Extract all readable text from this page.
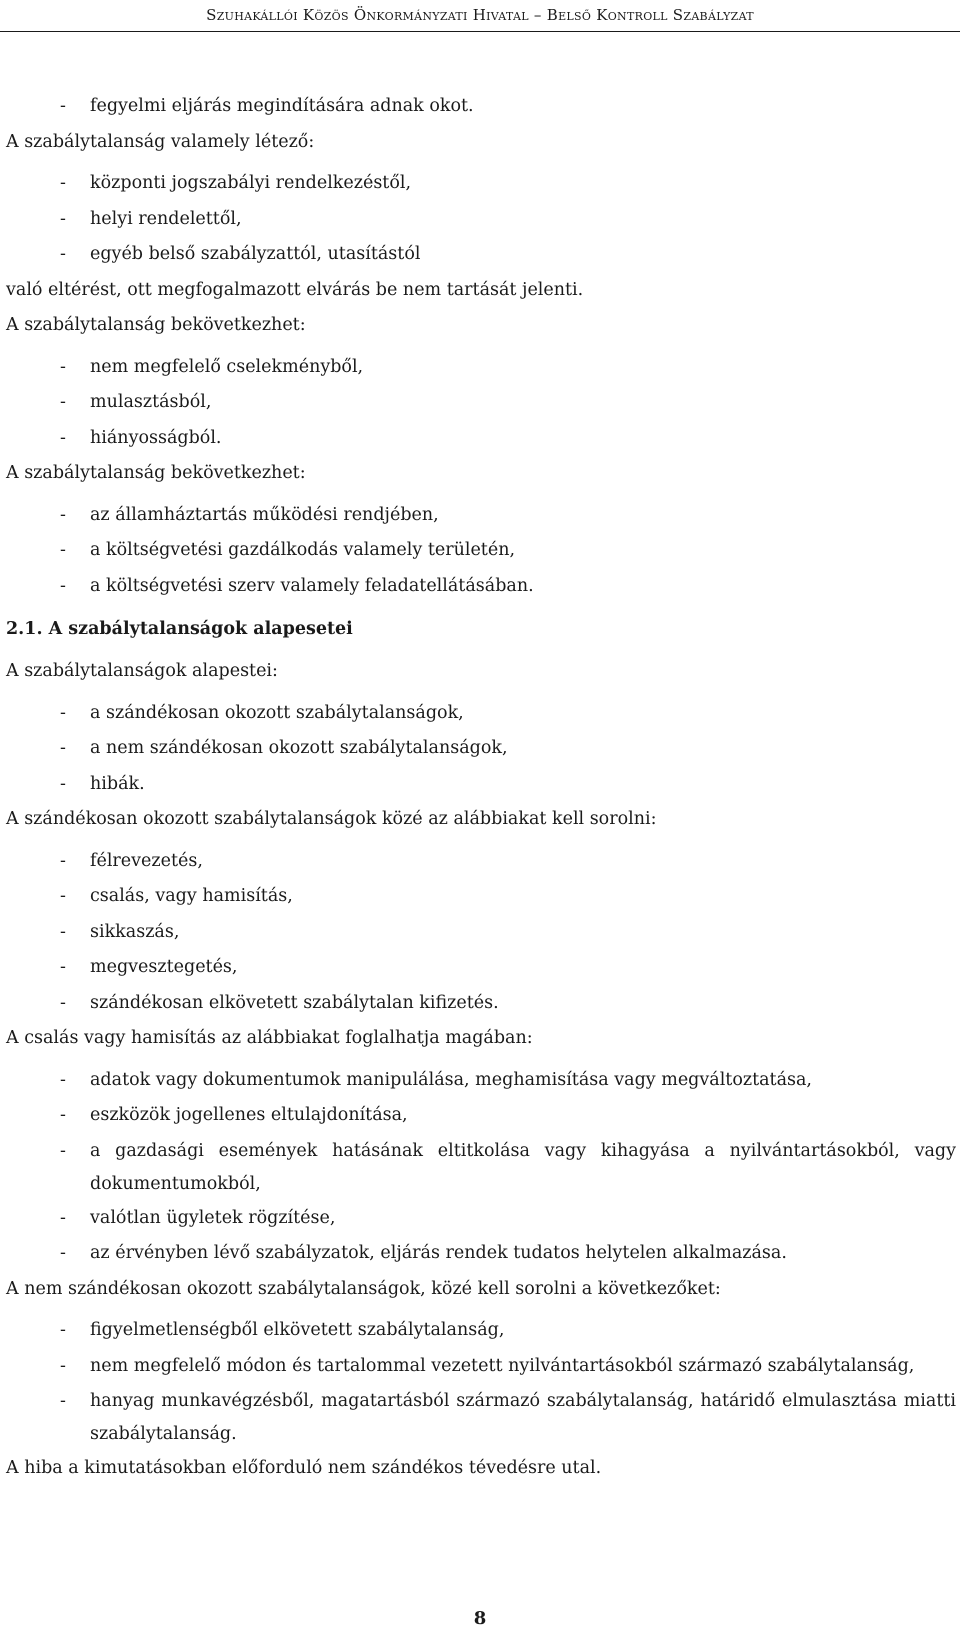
Szuhakállói Közös Önkormányzati Hivatal – Belső Kontroll Szabályzat
-	fegyelmi eljárás megindítására adnak okot.
A szabálytalanság valamely létező:
-	központi jogszabályi rendelkezéstől,
-	helyi rendelettől,
-	egyéb belső szabályzattól, utasítástól
való eltérést, ott megfogalmazott elvárás be nem tartását jelenti.
A szabálytalanság bekövetkezhet:
-	nem megfelelő cselekményből,
-	mulasztásból,
-	hiányosságból.
A szabálytalanság bekövetkezhet:
-	az államháztartás működési rendjében,
-	a költségvetési gazdálkodás valamely területén,
-	a költségvetési szerv valamely feladatellátásában.
2.1. A szabálytalanságok alapesetei
A szabálytalanságok alapestei:
-	a szándékosan okozott szabálytalanságok,
-	a nem szándékosan okozott szabálytalanságok,
-	hibák.
A szándékosan okozott szabálytalanságok közé az alábbiakat kell sorolni:
-	félrevezetés,
-	csalás, vagy hamisítás,
-	sikkaszás,
-	megvesztegetés,
-	szándékosan elkövetett szabálytalan kifizetés.
A csalás vagy hamisítás az alábbiakat foglalhatja magában:
-	adatok vagy dokumentumok manipulálása, meghamisítása vagy megváltoztatása,
-	eszközök jogellenes eltulajdonítása,
-	a gazdasági események hatásának eltitkolása vagy kihagyása a nyilvántartásokból, vagy dokumentumokból,
-	valótlan ügyletek rögzítése,
-	az érvényben lévő szabályzatok, eljárás rendek tudatos helytelen alkalmazása.
A nem szándékosan okozott szabálytalanságok, közé kell sorolni a következőket:
-	figyelmetlenségből elkövetett szabálytalanság,
-	nem megfelelő módon és tartalommal vezetett nyilvántartásokból származó szabálytalanság,
-	hanyag munkavégzésből, magatartásból származó szabálytalanság, határidő elmulasztása miatti szabálytalanság.
A hiba a kimutatásokban előforduló nem szándékos tévedésre utal.
8
